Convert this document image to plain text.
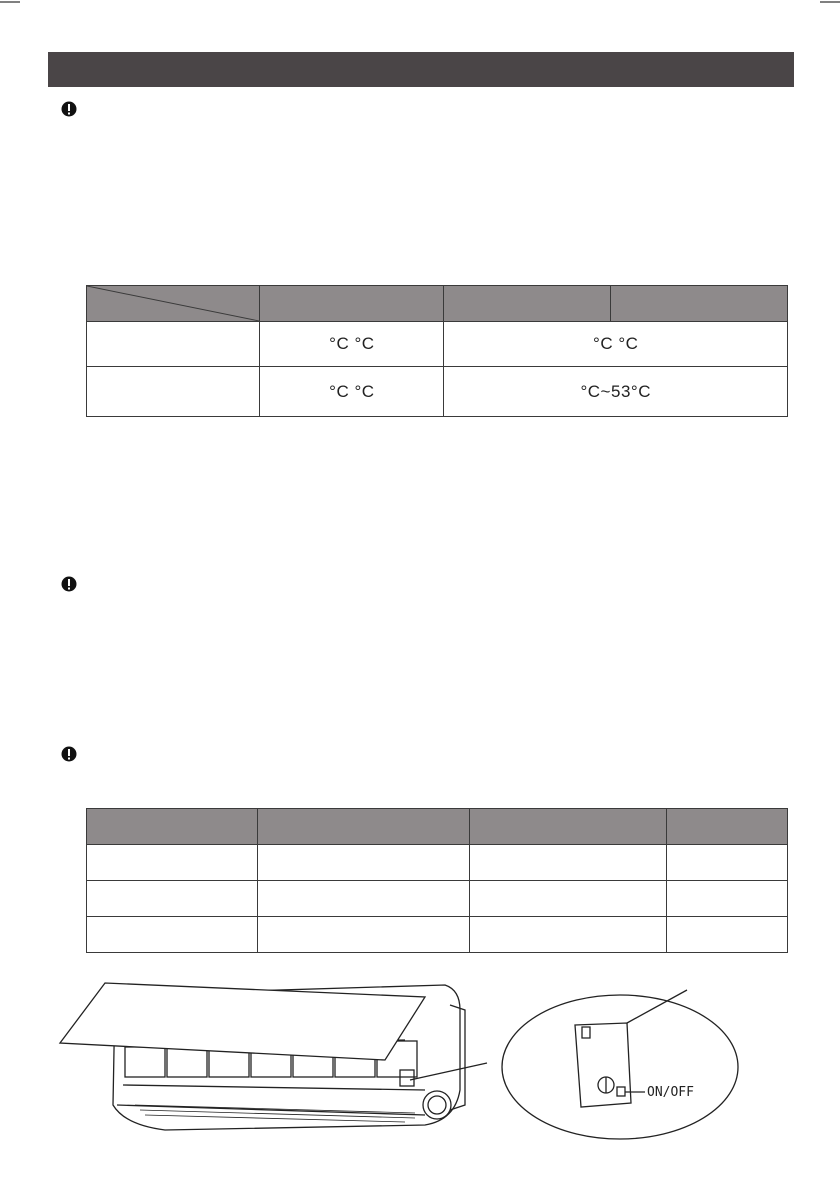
	°C °C	°C °C	
	°C °C	°C~53°C	

ON/OFF
